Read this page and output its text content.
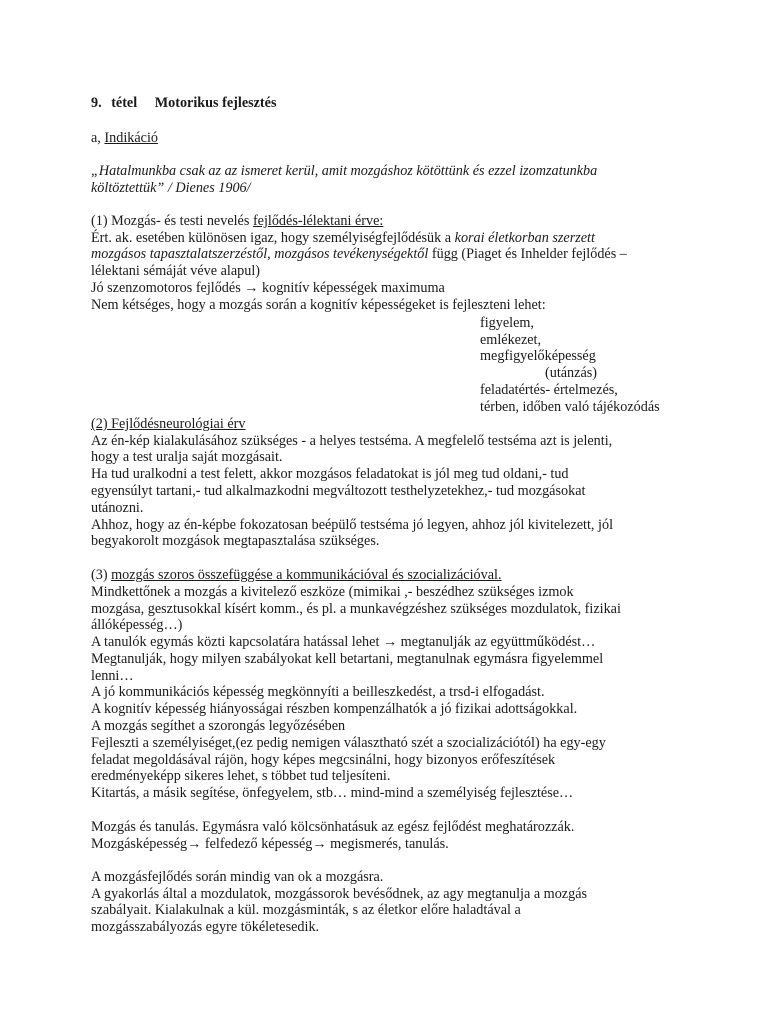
9. tétel Motorikus fejlesztés
a, Indikáció
„Hatalmunkba csak az az ismeret kerül, amit mozgáshoz kötöttünk és ezzel izomzatunkba
költöztettük” / Dienes 1906/
(1) Mozgás- és testi nevelés fejlődés-lélektani érve:
Ért. ak. esetében különösen igaz, hogy személyiségfejlődésük a korai életkorban szerzett
mozgásos tapasztalatszerzéstől, mozgásos tevékenységektől függ (Piaget és Inhelder fejlődés –
lélektani sémáját véve alapul)
Jó szenzomotoros fejlődés → kognitív képességek maximuma
Nem kétséges, hogy a mozgás során a kognitív képességeket is fejleszteni lehet:
figyelem,
emlékezet,
megfigyelőképesség
(utánzás)
feladatértés- értelmezés,
térben, időben való tájékozódás
(2) Fejlődésneurológiai érv
Az én-kép kialakulásához szükséges - a helyes testséma. A megfelelő testséma azt is jelenti,
hogy a test uralja saját mozgásait.
Ha tud uralkodni a test felett, akkor mozgásos feladatokat is jól meg tud oldani,- tud
egyensúlyt tartani,- tud alkalmazkodni megváltozott testhelyzetekhez,- tud mozgásokat
utánozni.
Ahhoz, hogy az én-képbe fokozatosan beépülő testséma jó legyen, ahhoz jól kivitelezett, jól
begyakorolt mozgások megtapasztalása szükséges.
(3) mozgás szoros összefüggése a kommunikációval és szocializációval.
Mindkettőnek a mozgás a kivitelező eszköze (mimikai ,- beszédhez szükséges izmok
mozgása, gesztusokkal kísért komm., és pl. a munkavégzéshez szükséges mozdulatok, fizikai
állóképesség…)
A tanulók egymás közti kapcsolatára hatással lehet → megtanulják az együttműködést…
Megtanulják, hogy milyen szabályokat kell betartani, megtanulnak egymásra figyelemmel
lenni…
A jó kommunikációs képesség megkönnyíti a beilleszkedést, a trsd-i elfogadást.
A kognitív képesség hiányosságai részben kompenzálhatók a jó fizikai adottságokkal.
A mozgás segíthet a szorongás legyőzésében
Fejleszti a személyiséget,(ez pedig nemigen választható szét a szocializációtól) ha egy-egy
feladat megoldásával rájön, hogy képes megcsinálni, hogy bizonyos erőfeszítések
eredményeképp sikeres lehet, s többet tud teljesíteni.
Kitartás, a másik segítése, önfegyelem, stb… mind-mind a személyiség fejlesztése…
Mozgás és tanulás. Egymásra való kölcsönhatásuk az egész fejlődést meghatározzák.
Mozgásképesség→ felfedező képesség→ megismerés, tanulás.
A mozgásfejlődés során mindig van ok a mozgásra.
A gyakorlás által a mozdulatok, mozgássorok bevésődnek, az agy megtanulja a mozgás
szabályait. Kialakulnak a kül. mozgásminták, s az életkor előre haladtával a
mozgásszabályozás egyre tökéletesedik.
